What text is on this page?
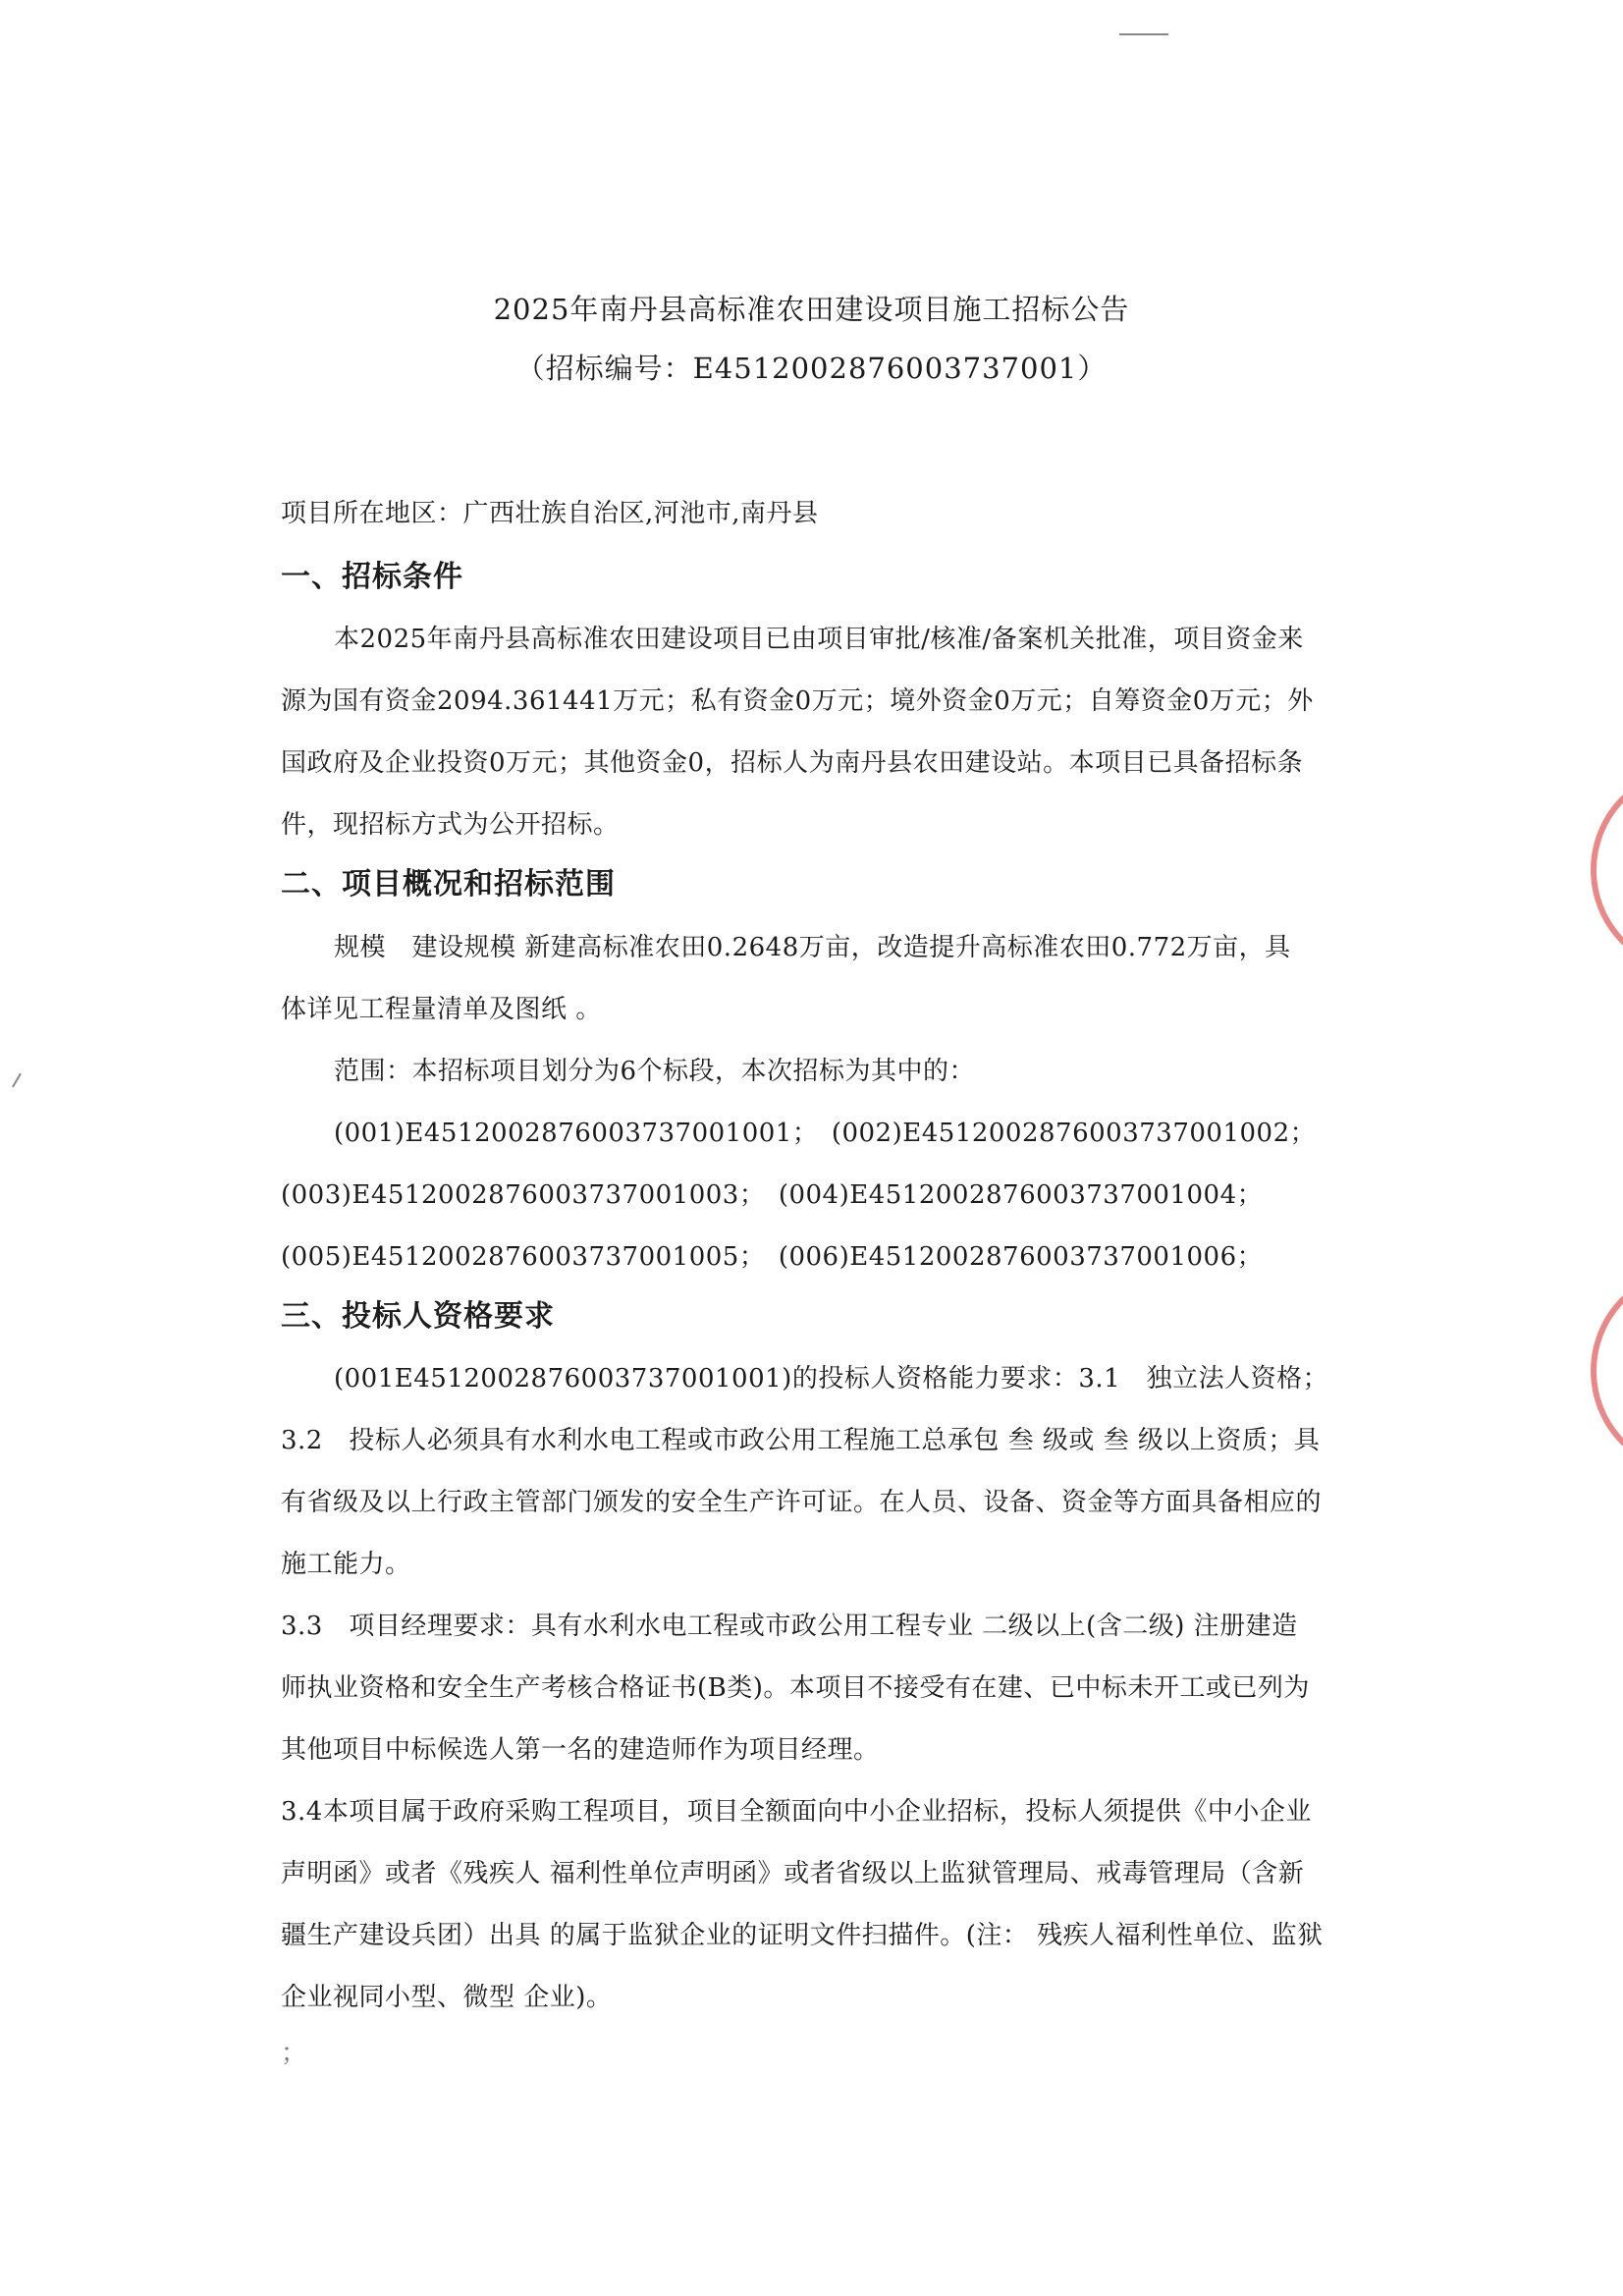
2025年南丹县高标准农田建设项目施工招标公告
（招标编号：E4512002876003737001）
项目所在地区：广西壮族自治区,河池市,南丹县
一、招标条件
本2025年南丹县高标准农田建设项目已由项目审批/核准/备案机关批准，项目资金来
源为国有资金2094.361441万元；私有资金0万元；境外资金0万元；自筹资金0万元；外
国政府及企业投资0万元；其他资金0，招标人为南丹县农田建设站。本项目已具备招标条
件，现招标方式为公开招标。
二、项目概况和招标范围
规模　建设规模 新建高标准农田0.2648万亩，改造提升高标准农田0.772万亩，具
体详见工程量清单及图纸 。
范围：本招标项目划分为6个标段，本次招标为其中的：
(001)E4512002876003737001001；　(002)E4512002876003737001002；
(003)E4512002876003737001003；　(004)E4512002876003737001004；
(005)E4512002876003737001005；　(006)E4512002876003737001006；
三、投标人资格要求
(001E4512002876003737001001)的投标人资格能力要求：3.1　独立法人资格；
3.2　投标人必须具有水利水电工程或市政公用工程施工总承包 叁 级或 叁 级以上资质；具
有省级及以上行政主管部门颁发的安全生产许可证。在人员、设备、资金等方面具备相应的
施工能力。
3.3　项目经理要求：具有水利水电工程或市政公用工程专业 二级以上(含二级) 注册建造
师执业资格和安全生产考核合格证书(B类)。本项目不接受有在建、已中标未开工或已列为
其他项目中标候选人第一名的建造师作为项目经理。
3.4本项目属于政府采购工程项目，项目全额面向中小企业招标，投标人须提供《中小企业
声明函》或者《残疾人 福利性单位声明函》或者省级以上监狱管理局、戒毒管理局（含新
疆生产建设兵团）出具 的属于监狱企业的证明文件扫描件。(注： 残疾人福利性单位、监狱
企业视同小型、微型 企业)。
；
